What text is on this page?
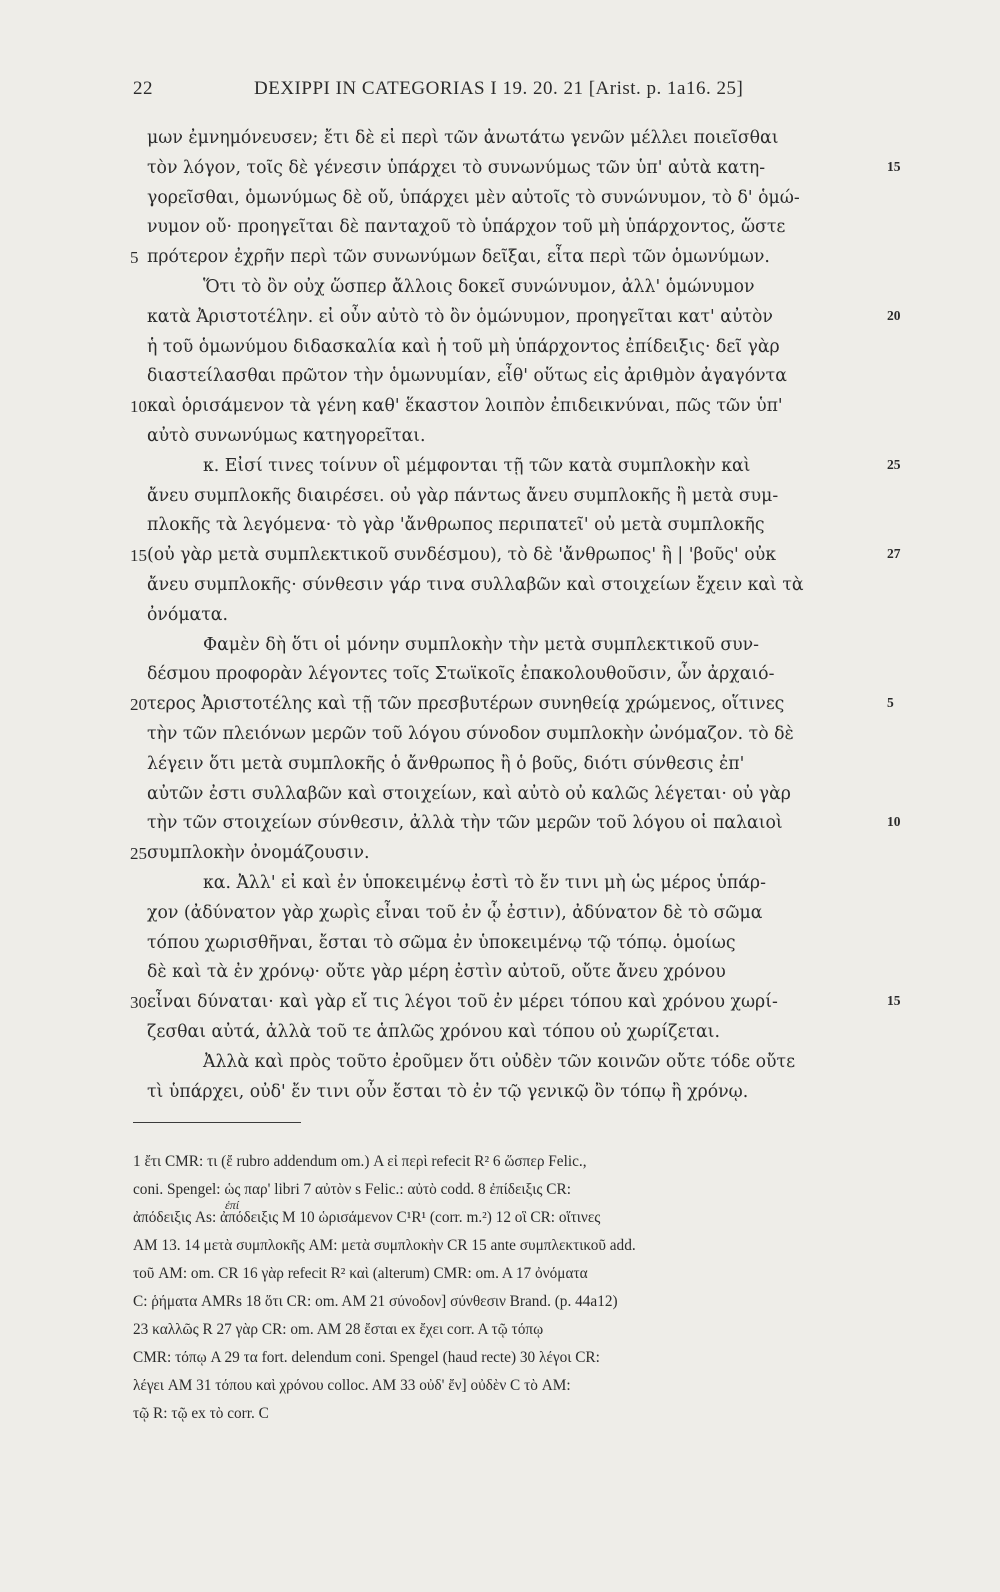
22	DEXIPPI IN CATEGORIAS I 19. 20. 21 [Arist. p. 1a16. 25]
μων ἐμνημόνευσεν; ἔτι δὲ εἰ περὶ τῶν ἀνωτάτω γενῶν μέλλει ποιεῖσθαι
τὸν λόγον, τοῖς δὲ γένεσιν ὑπάρχει τὸ συνωνύμως τῶν ὑπ' αὐτὰ κατη-	15
γορεῖσθαι, ὁμωνύμως δὲ οὔ, ὑπάρχει μὲν αὐτοῖς τὸ συνώνυμον, τὸ δ' ὁμώ-
νυμον οὔ· προηγεῖται δὲ πανταχοῦ τὸ ὑπάρχον τοῦ μὴ ὑπάρχοντος, ὥστε
πρότερον ἐχρῆν περὶ τῶν συνωνύμων δεῖξαι, εἶτα περὶ τῶν ὁμωνύμων.
5
Ὅτι τὸ ὂν οὐχ ὥσπερ ἄλλοις δοκεῖ συνώνυμον, ἀλλ' ὁμώνυμον
κατὰ Ἀριστοτέλην. εἰ οὖν αὐτὸ τὸ ὂν ὁμώνυμον, προηγεῖται κατ' αὐτὸν	20
ἡ τοῦ ὁμωνύμου διδασκαλία καὶ ἡ τοῦ μὴ ὑπάρχοντος ἐπίδειξις· δεῖ γὰρ
διαστείλασθαι πρῶτον τὴν ὁμωνυμίαν, εἶθ' οὕτως εἰς ἀριθμὸν ἀγαγόντα
καὶ ὁρισάμενον τὰ γένη καθ' ἕκαστον λοιπὸν ἐπιδεικνύναι, πῶς τῶν ὑπ'
10
αὐτὸ συνωνύμως κατηγορεῖται.
κ. Εἰσί τινες τοίνυν οἳ μέμφονται τῇ τῶν κατὰ συμπλοκὴν καὶ	25
ἄνευ συμπλοκῆς διαιρέσει. οὐ γὰρ πάντως ἄνευ συμπλοκῆς ἢ μετὰ συμ-
πλοκῆς τὰ λεγόμενα· τὸ γὰρ 'ἄνθρωπος περιπατεῖ' οὐ μετὰ συμπλοκῆς
(οὐ γὰρ μετὰ συμπλεκτικοῦ συνδέσμου), τὸ δὲ 'ἄνθρωπος' ἢ | 'βοῦς' οὐκ
15	27
ἄνευ συμπλοκῆς· σύνθεσιν γάρ τινα συλλαβῶν καὶ στοιχείων ἔχειν καὶ τὰ
ὀνόματα.
Φαμὲν δὴ ὅτι οἱ μόνην συμπλοκὴν τὴν μετὰ συμπλεκτικοῦ συν-
δέσμου προφορὰν λέγοντες τοῖς Στωϊκοῖς ἐπακολουθοῦσιν, ὧν ἀρχαιό-
τερος Ἀριστοτέλης καὶ τῇ τῶν πρεσβυτέρων συνηθείᾳ χρώμενος, οἵτινες
20	5
τὴν τῶν πλειόνων μερῶν τοῦ λόγου σύνοδον συμπλοκὴν ὠνόμαζον. τὸ δὲ
λέγειν ὅτι μετὰ συμπλοκῆς ὁ ἄνθρωπος ἢ ὁ βοῦς, διότι σύνθεσις ἐπ'
αὐτῶν ἐστι συλλαβῶν καὶ στοιχείων, καὶ αὐτὸ οὐ καλῶς λέγεται· οὐ γὰρ
τὴν τῶν στοιχείων σύνθεσιν, ἀλλὰ τὴν τῶν μερῶν τοῦ λόγου οἱ παλαιοὶ	10
συμπλοκὴν ὀνομάζουσιν.
25
κα. Ἀλλ' εἰ καὶ ἐν ὑποκειμένῳ ἐστὶ τὸ ἔν τινι μὴ ὡς μέρος ὑπάρ-
χον (ἀδύνατον γὰρ χωρὶς εἶναι τοῦ ἐν ᾧ ἐστιν), ἀδύνατον δὲ τὸ σῶμα
τόπου χωρισθῆναι, ἔσται τὸ σῶμα ἐν ὑποκειμένῳ τῷ τόπῳ. ὁμοίως
δὲ καὶ τὰ ἐν χρόνῳ· οὔτε γὰρ μέρη ἐστὶν αὐτοῦ, οὔτε ἄνευ χρόνου
εἶναι δύναται· καὶ γὰρ εἴ τις λέγοι τοῦ ἐν μέρει τόπου καὶ χρόνου χωρί-
30	15
ζεσθαι αὐτά, ἀλλὰ τοῦ τε ἁπλῶς χρόνου καὶ τόπου οὐ χωρίζεται.
Ἀλλὰ καὶ πρὸς τοῦτο ἐροῦμεν ὅτι οὐδὲν τῶν κοινῶν οὔτε τόδε οὔτε
τὶ ὑπάρχει, οὐδ' ἔν τινι οὖν ἔσται τὸ ἐν τῷ γενικῷ ὂν τόπῳ ἢ χρόνῳ.
ἐπί
1 ἔτι CMR: τι (ἔ rubro addendum om.) A εἰ περὶ refecit R² 6 ὥσπερ Felic.,
coni. Spengel: ὡς παρ' libri 7 αὐτὸν s Felic.: αὐτὸ codd. 8 ἐπίδειξις CR:
ἀπόδειξις As: ἀπόδειξις M 10 ὡρισάμενον C¹R¹ (corr. m.²) 12 οἳ CR: οἵτινες
AM 13. 14 μετὰ συμπλοκῆς AM: μετὰ συμπλοκὴν CR 15 ante συμπλεκτικοῦ add.
τοῦ AM: om. CR 16 γὰρ refecit R² καὶ (alterum) CMR: om. A 17 ὀνόματα
C: ῥήματα AMRs 18 ὅτι CR: om. AM 21 σύνοδον] σύνθεσιν Brand. (p. 44a12)
23 καλλῶς R 27 γὰρ CR: om. AM 28 ἔσται ex ἔχει corr. A τῷ τόπῳ
CMR: τόπῳ A 29 τα fort. delendum coni. Spengel (haud recte) 30 λέγοι CR:
λέγει AM 31 τόπου καὶ χρόνου colloc. AM 33 οὐδ' ἔν] οὐδὲν C τὸ AM:
τῷ R: τῷ ex τὸ corr. C
